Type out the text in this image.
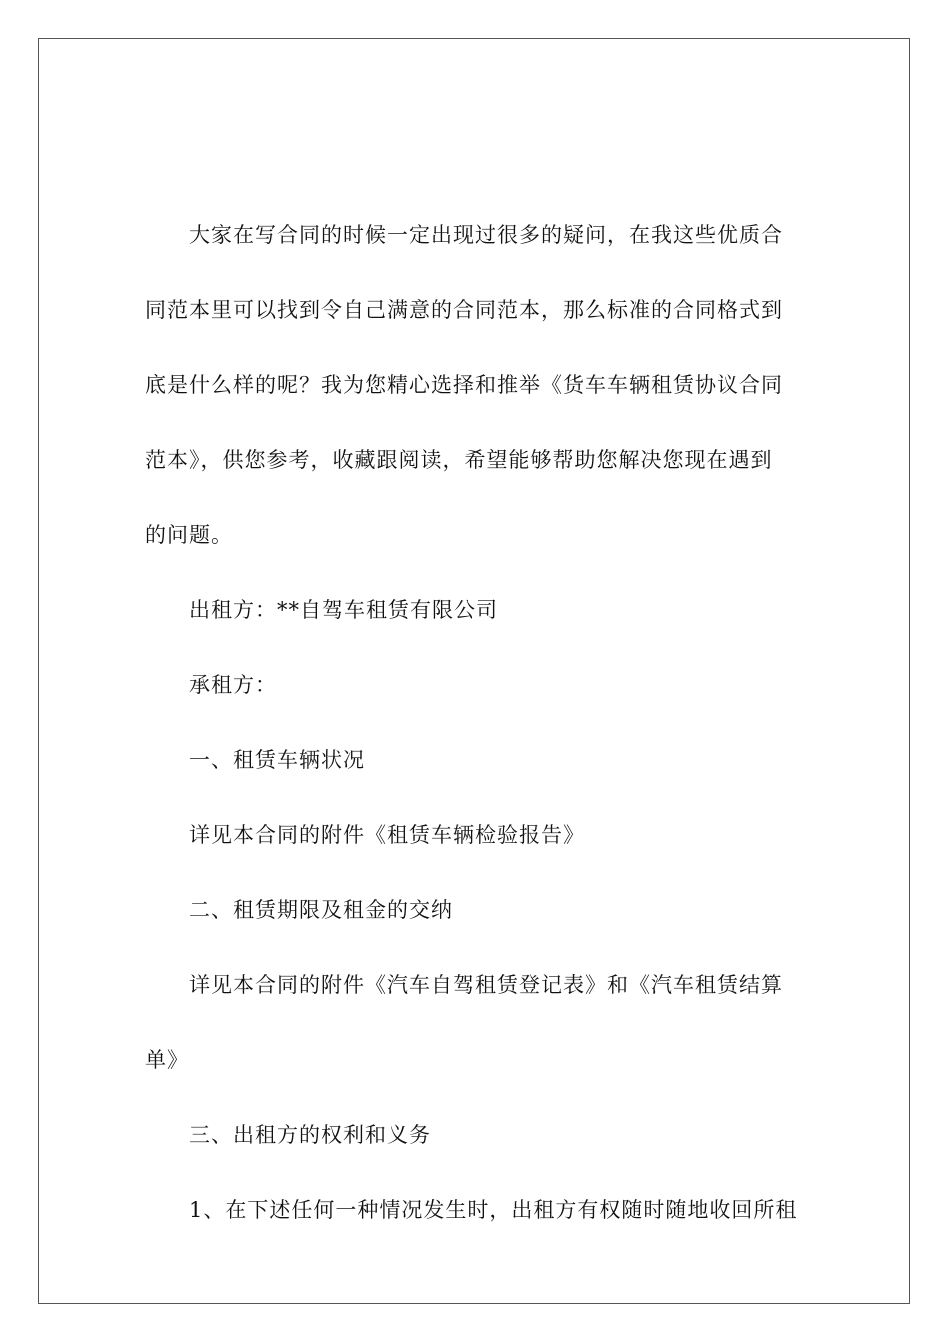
大家在写合同的时候一定出现过很多的疑问，在我这些优质合
同范本里可以找到令自己满意的合同范本，那么标准的合同格式到
底是什么样的呢？我为您精心选择和推举《货车车辆租赁协议合同
范本》，供您参考，收藏跟阅读，希望能够帮助您解决您现在遇到
的问题。
出租方：**自驾车租赁有限公司
承租方：
一、租赁车辆状况
详见本合同的附件《租赁车辆检验报告》
二、租赁期限及租金的交纳
详见本合同的附件《汽车自驾租赁登记表》和《汽车租赁结算
单》
三、出租方的权利和义务
1、在下述任何一种情况发生时，出租方有权随时随地收回所租
